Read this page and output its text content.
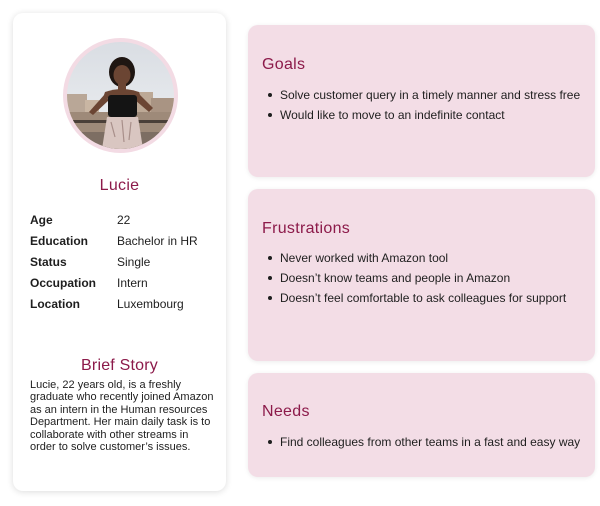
Lucie
Age	22
Education	Bachelor in HR
Status	Single
Occupation	Intern
Location	Luxembourg
Brief Story

Lucie, 22 years old, is a freshly graduate who recently joined Amazon as an intern in the Human resources Department. Her main daily task is to collaborate with other streams in order to solve customer’s issues.

Goals
Solve customer query in a timely manner and stress free
Would like to move to an indefinite contact
Frustrations
Never worked with Amazon tool
Doesn’t know teams and people in Amazon
Doesn’t feel comfortable to ask colleagues for support
Needs
Find colleagues from other teams in a fast and easy way
